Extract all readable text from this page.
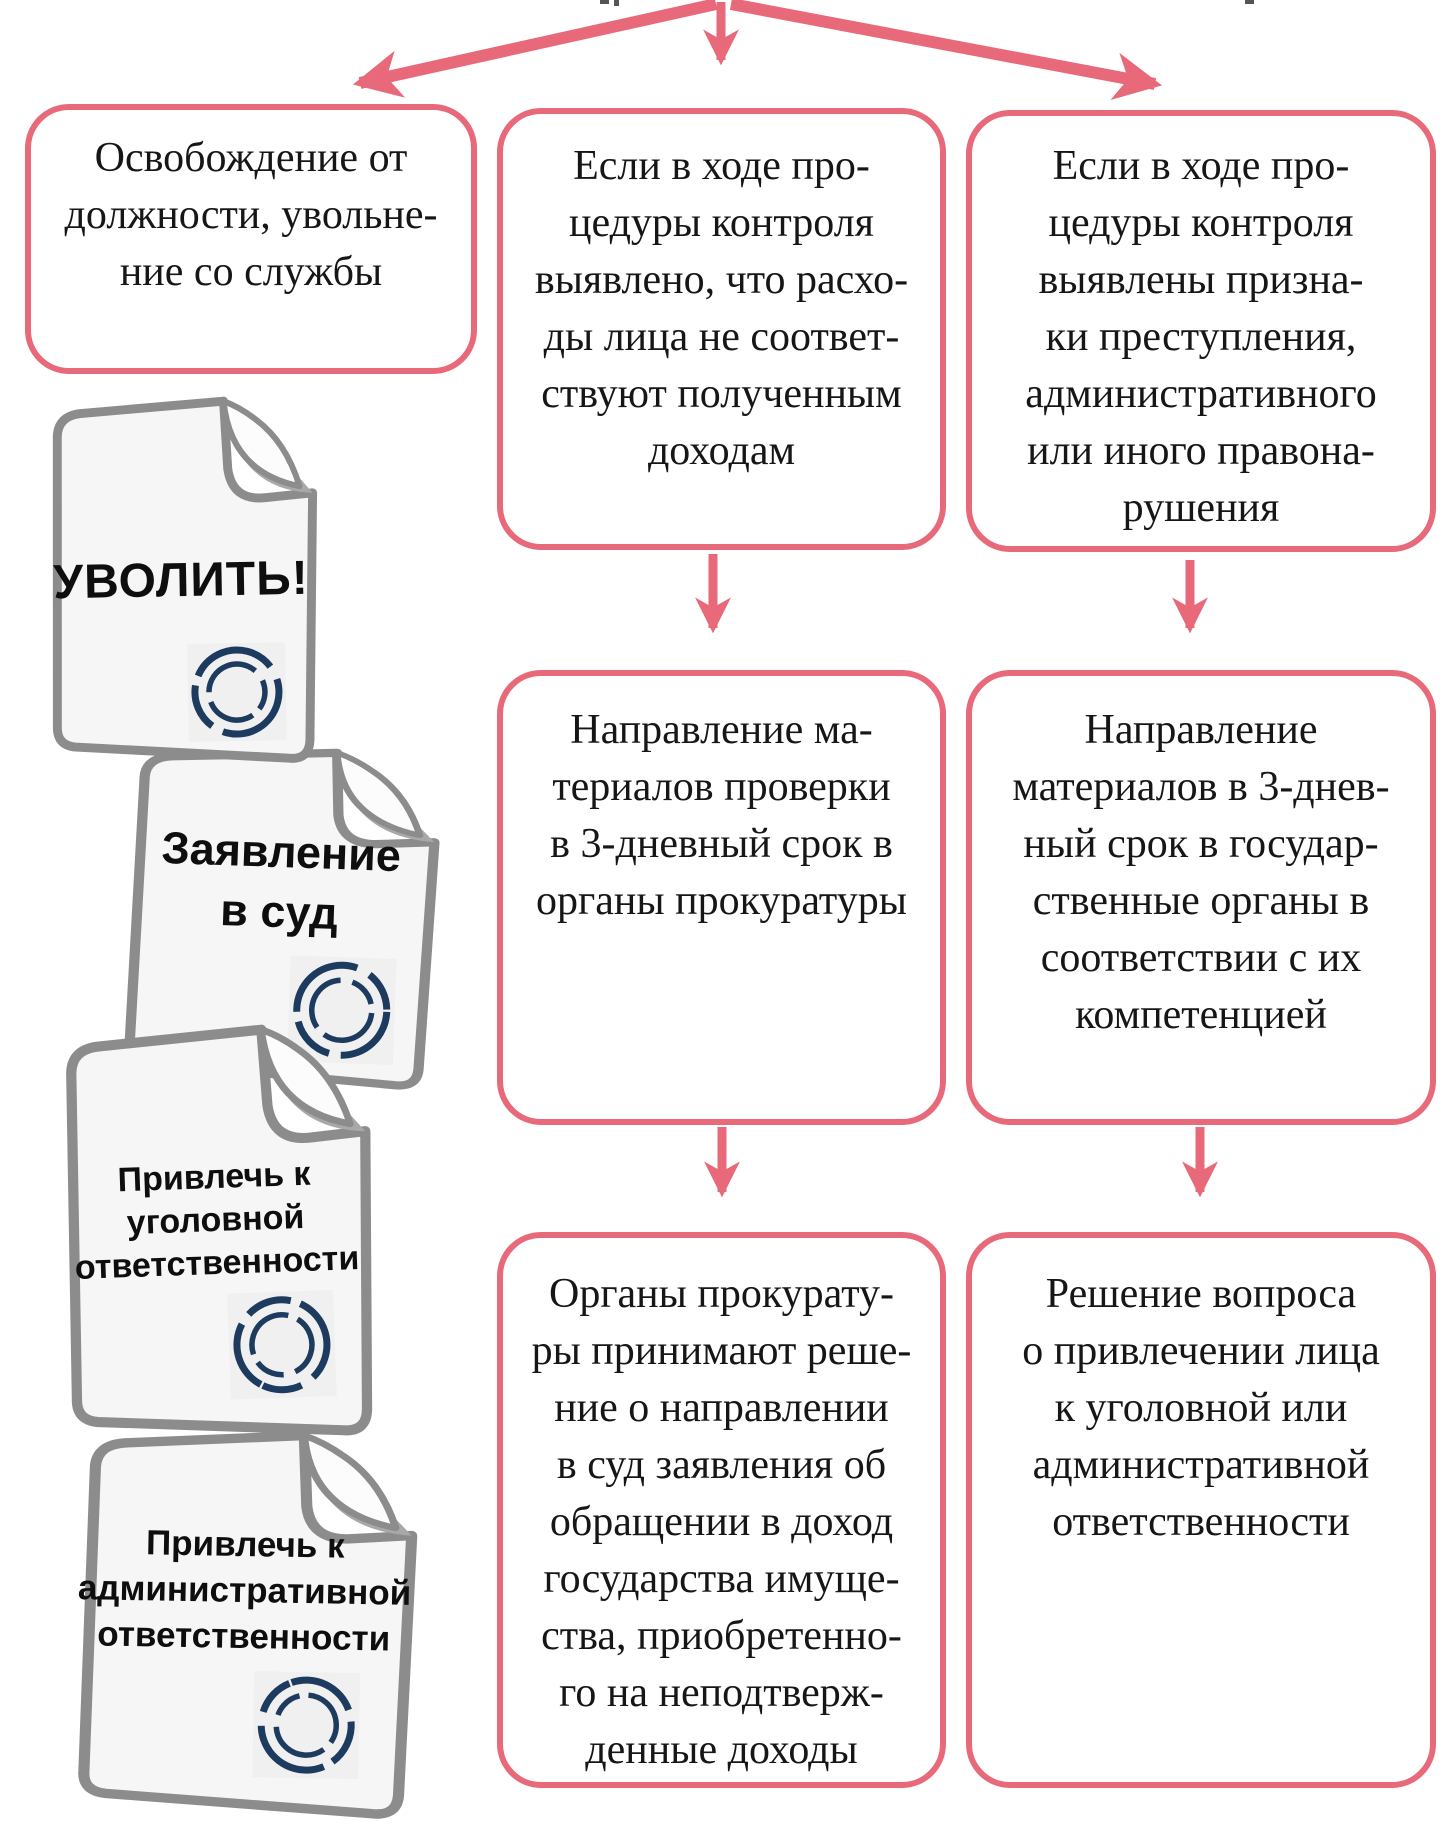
Освобождение от
должности, увольне-
ние со службы
Если в ходе про-
цедуры контроля
выявлено, что расхо-
ды лица не соответ-
ствуют полученным
доходам
Если в ходе про-
цедуры контроля
выявлены призна-
ки преступления,
административного
или иного правона-
рушения
Направление ма-
териалов проверки
в 3-дневный срок в
органы прокуратуры
Направление
материалов в 3-днев-
ный срок в государ-
ственные органы в
соответствии с их
компетенцией
Органы прокурату-
ры принимают реше-
ние о направлении
в суд заявления об
обращении в доход
государства имуще-
ства, приобретенно-
го на неподтверж-
денные доходы
Решение вопроса
о привлечении лица
к уголовной или
административной
ответственности
Заявление
в суд
УВОЛИТЬ!
Привлечь к
уголовной
ответственности
Привлечь к
административной
ответственности
